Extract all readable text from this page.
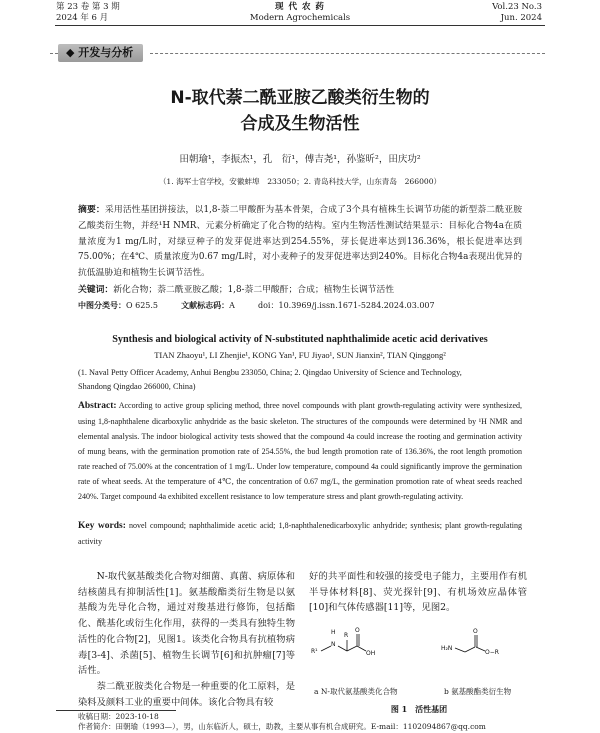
第 23 卷 第 3 期
2024 年 6 月
现 代 农 药
Modern Agrochemicals
Vol.23 No.3
Jun. 2024
◆ 开发与分析
N-取代萘二酰亚胺乙酸类衍生物的
合成及生物活性
田朝瑜¹，李振杰¹，孔　衍¹，傅吉尧¹，孙鉴昕²，田庆功²
（1. 海军士官学校，安徽蚌埠　233050；2. 青岛科技大学，山东青岛　266000）
摘要：采用活性基团拼接法，以1,8-萘二甲酸酐为基本骨架，合成了3个具有植株生长调节功能的新型萘二酰亚胺乙酸类衍生物，并经¹H NMR、元素分析确定了化合物的结构。室内生物活性测试结果显示：目标化合物4a在质量浓度为1 mg/L时，对绿豆种子的发芽促进率达到254.55%，芽长促进率达到136.36%，根长促进率达到75.00%；在4℃、质量浓度为0.67 mg/L时，对小麦种子的发芽促进率达到240%。目标化合物4a表现出优异的抗低温胁迫和植物生长调节活性。
关键词：新化合物；萘二酰亚胺乙酸；1,8-萘二甲酸酐；合成；植物生长调节活性
中图分类号：O 625.5	文献标志码：A	doi：10.3969/j.issn.1671-5284.2024.03.007
Synthesis and biological activity of N-substituted naphthalimide acetic acid derivatives
TIAN Zhaoyu¹, LI Zhenjie¹, KONG Yan¹, FU Jiyao¹, SUN Jianxin², TIAN Qinggong²
(1. Naval Petty Officer Academy, Anhui Bengbu 233050, China; 2. Qingdao University of Science and Technology,
Shandong Qingdao 266000, China)
Abstract: According to active group splicing method, three novel compounds with plant growth-regulating activity were synthesized, using 1,8-naphthalene dicarboxylic anhydride as the basic skeleton. The structures of the compounds were determined by ¹H NMR and elemental analysis. The indoor biological activity tests showed that the compound 4a could increase the rooting and germination activity of mung beans, with the germination promotion rate of 254.55%, the bud length promotion rate of 136.36%, the root length promotion rate reached of 75.00% at the concentration of 1 mg/L. Under low temperature, compound 4a could significantly improve the germination rate of wheat seeds. At the temperature of 4℃, the concentration of 0.67 mg/L, the germination promotion rate of wheat seeds reached 240%. Target compound 4a exhibited excellent resistance to low temperature stress and plant growth-regulating activity.
Key words: novel compound; naphthalimide acetic acid; 1,8-naphthalenedicarboxylic anhydride; synthesis; plant growth-regulating activity
N-取代氨基酸类化合物对细菌、真菌、病原体和结核菌具有抑制活性[1]。氨基酸酯类衍生物是以氨基酸为先导化合物，通过对羧基进行修饰，包括酯化、酰基化或衍生化作用，获得的一类具有独特生物活性的化合物[2]，见图1。该类化合物具有抗植物病毒[3-4]、杀菌[5]、植物生长调节[6]和抗肿瘤[7]等活性。
萘二酰亚胺类化合物是一种重要的化工原料，是染料及颜料工业的重要中间体。该化合物具有较
好的共平面性和较强的接受电子能力，主要用作有机半导体材料[8]、荧光探针[9]、有机场效应晶体管[10]和气体传感器[11]等，见图2。
R¹
N
H R
O
OH
H₂N
O
O−R
a N-取代氨基酸类化合物	b 氨基酸酯类衍生物
图 1　活性基团
收稿日期：2023-10-18
作者简介：田朝瑜（1993—），男，山东临沂人，硕士，助教，主要从事有机合成研究。E-mail：1102094867@qq.com
